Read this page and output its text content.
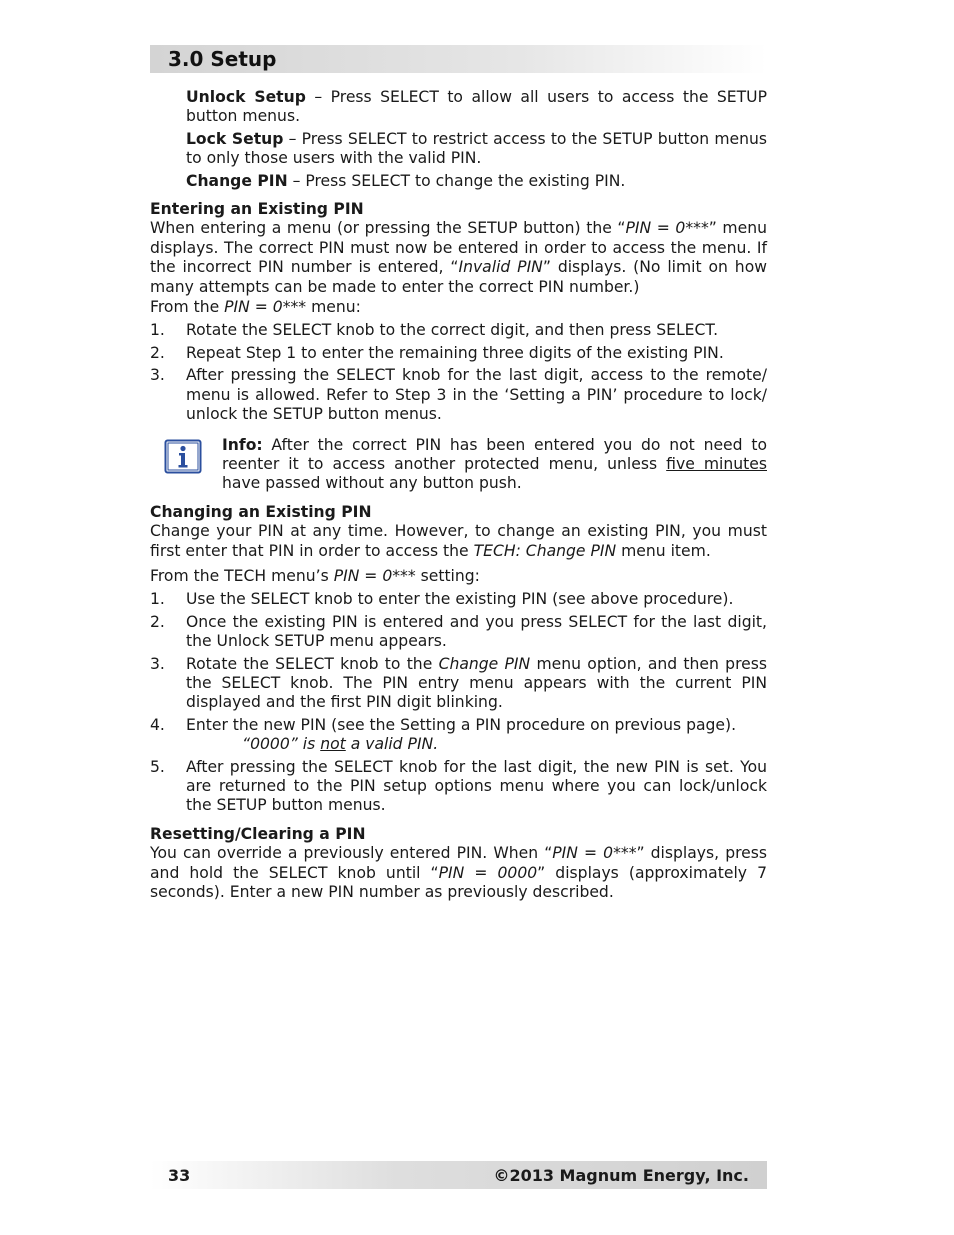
3.0 Setup

Unlock Setup – Press SELECT to allow all users to access the SETUP button menus.

Lock Setup – Press SELECT to restrict access to the SETUP button menus to only those users with the valid PIN.

Change PIN – Press SELECT to change the existing PIN.

Entering an Existing PIN

When entering a menu (or pressing the SETUP button) the “PIN = 0***” menu displays. The correct PIN must now be entered in order to access the menu. If the incorrect PIN number is entered, “Invalid PIN” displays. (No limit on how many attempts can be made to enter the correct PIN number.)

From the PIN = 0*** menu:

1.	Rotate the SELECT knob to the correct digit, and then press SELECT.
2.	Repeat Step 1 to enter the remaining three digits of the existing PIN.
3.	After pressing the SELECT knob for the last digit, access to the remote/ menu is allowed. Refer to Step 3 in the ‘Setting a PIN’ procedure to lock/ unlock the SETUP button menus.

Info: After the correct PIN has been entered you do not need to reenter it to access another protected menu, unless five minutes have passed without any button push.

Changing an Existing PIN

Change your PIN at any time. However, to change an existing PIN, you must first enter that PIN in order to access the TECH: Change PIN menu item.

From the TECH menu’s PIN = 0*** setting:

1.	Use the SELECT knob to enter the existing PIN (see above procedure).
2.	Once the existing PIN is entered and you press SELECT for the last digit, the Unlock SETUP menu appears.
3.	Rotate the SELECT knob to the Change PIN menu option, and then press the SELECT knob. The PIN entry menu appears with the current PIN displayed and the first PIN digit blinking.
4.	Enter the new PIN (see the Setting a PIN procedure on previous page).
“0000” is not a valid PIN.
5.	After pressing the SELECT knob for the last digit, the new PIN is set. You are returned to the PIN setup options menu where you can lock/unlock the SETUP button menus.

Resetting/Clearing a PIN

You can override a previously entered PIN. When “PIN = 0***” displays, press and hold the SELECT knob until “PIN = 0000” displays (approximately 7 seconds). Enter a new PIN number as previously described.

33	©2013 Magnum Energy, Inc.
